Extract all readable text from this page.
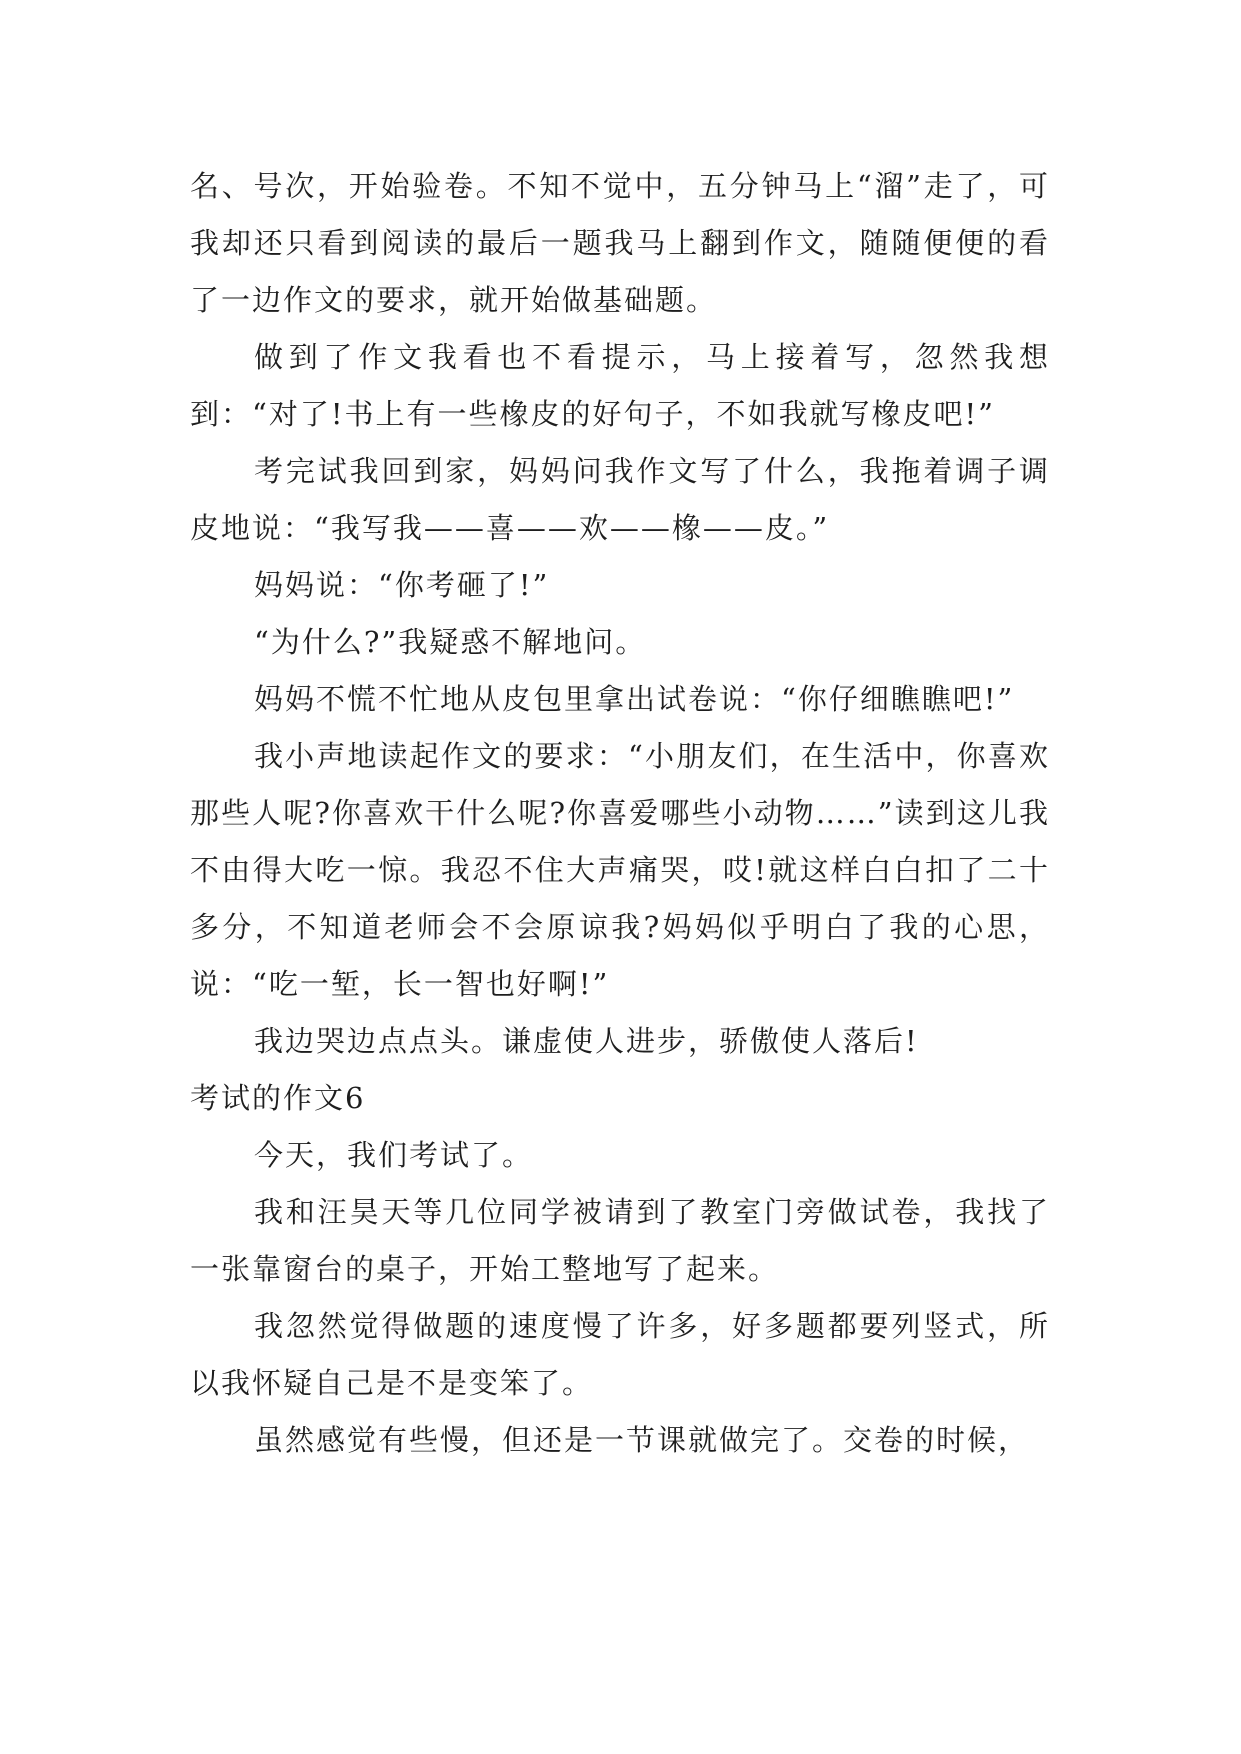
名、号次，开始验卷。不知不觉中，五分钟马上“溜”走了，可我却还只看到阅读的最后一题我马上翻到作文，随随便便的看了一边作文的要求，就开始做基础题。

做到了作文我看也不看提示，马上接着写，忽然我想到：“对了!书上有一些橡皮的好句子，不如我就写橡皮吧!”

考完试我回到家，妈妈问我作文写了什么，我拖着调子调皮地说：“我写我——喜——欢——橡——皮。”

妈妈说：“你考砸了!”

“为什么?”我疑惑不解地问。

妈妈不慌不忙地从皮包里拿出试卷说：“你仔细瞧瞧吧!”

我小声地读起作文的要求：“小朋友们，在生活中，你喜欢那些人呢?你喜欢干什么呢?你喜爱哪些小动物……”读到这儿我不由得大吃一惊。我忍不住大声痛哭，哎!就这样白白扣了二十多分，不知道老师会不会原谅我?妈妈似乎明白了我的心思，说：“吃一堑，长一智也好啊!”

我边哭边点点头。谦虚使人进步，骄傲使人落后!

考试的作文6

今天，我们考试了。

我和汪昊天等几位同学被请到了教室门旁做试卷，我找了一张靠窗台的桌子，开始工整地写了起来。

我忽然觉得做题的速度慢了许多，好多题都要列竖式，所以我怀疑自己是不是变笨了。

虽然感觉有些慢，但还是一节课就做完了。交卷的时候，
